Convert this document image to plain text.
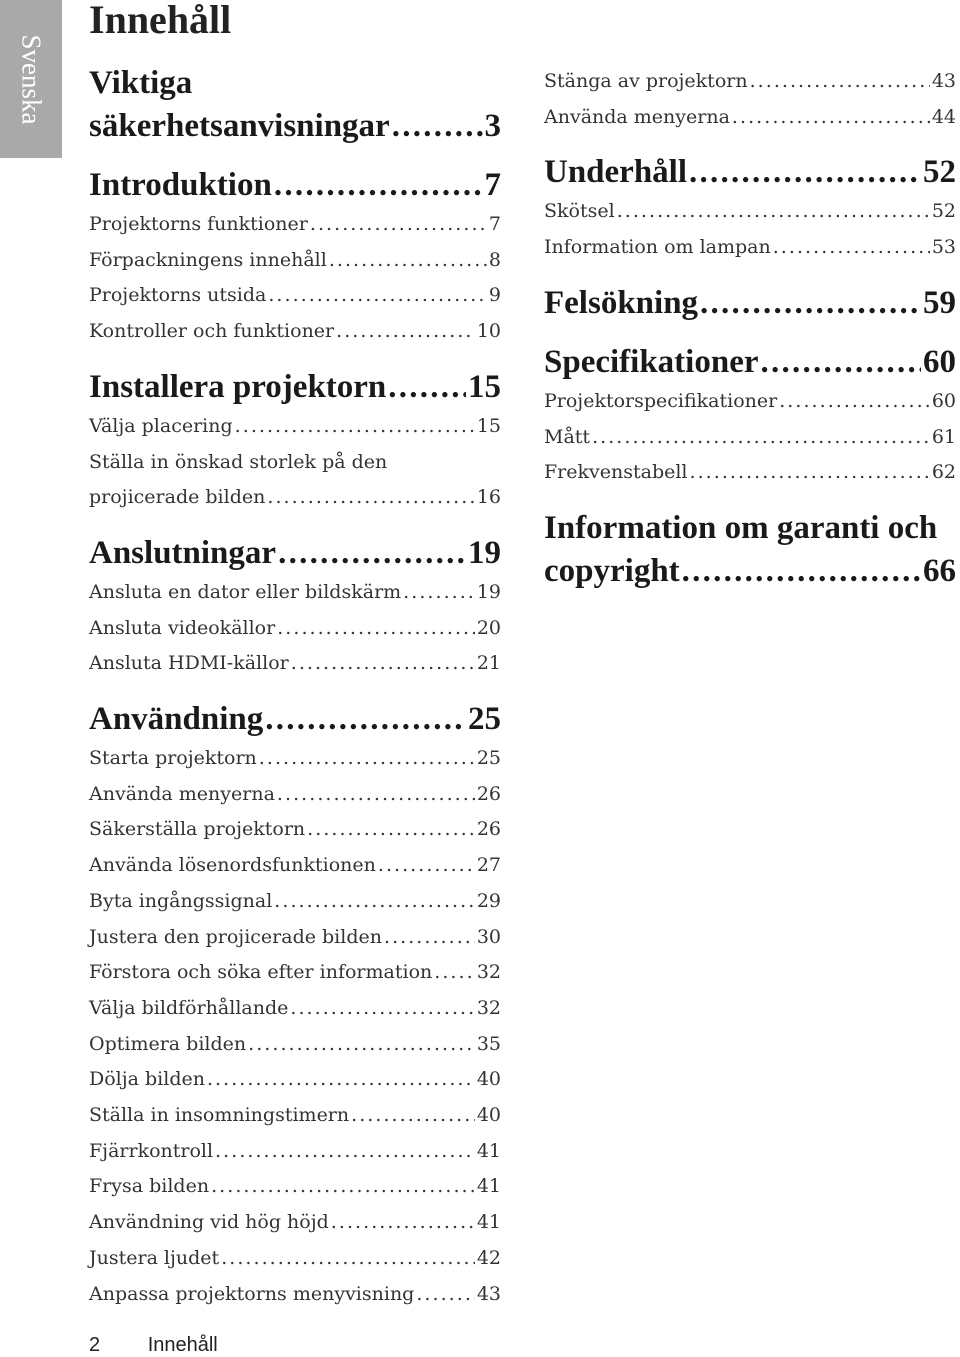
Svenska
Innehåll
Viktiga
säkerhetsanvisningar . . .	3
Introduktion . . .	7
Projektorns funktioner . . .	7
Förpackningens innehåll . . .	8
Projektorns utsida . . .	9
Kontroller och funktioner . . .	10
Installera projektorn . . . 15
Välja placering . . .	15
Ställa in önskad storlek på den
projicerade bilden . . .	16
Anslutningar . . .	19
Ansluta en dator eller bildskärm . . .	19
Ansluta videokällor . . .	20
Ansluta HDMI-källor . . .	21
Användning . . .	25
Starta projektorn . . .	25
Använda menyerna . . .	26
Säkerställa projektorn . . .	26
Använda lösenordsfunktionen . . .	27
Byta ingångssignal . . .	29
Justera den projicerade bilden . . .	30
Förstora och söka efter information . . . 32
Välja bildförhållande . . .	32
Optimera bilden . . .	35
Dölja bilden . . .	40
Ställa in insomningstimern . . .	40
Fjärrkontroll . . .	41
Frysa bilden . . .	41
Användning vid hög höjd . . .	41
Justera ljudet . . .	42
Anpassa projektorns menyvisning . . .	43
Stänga av projektorn . . .	43
Använda menyerna . . .	44
Underhåll . . .	52
Skötsel . . .	52
Information om lampan . . .	53
Felsökning . . .	59
Specifikationer . . .	60
Projektorspecifikationer . . .	60
Mått . . .	61
Frekvenstabell . . .	62
Information om garanti och
copyright . . .	66
2 Innehåll
